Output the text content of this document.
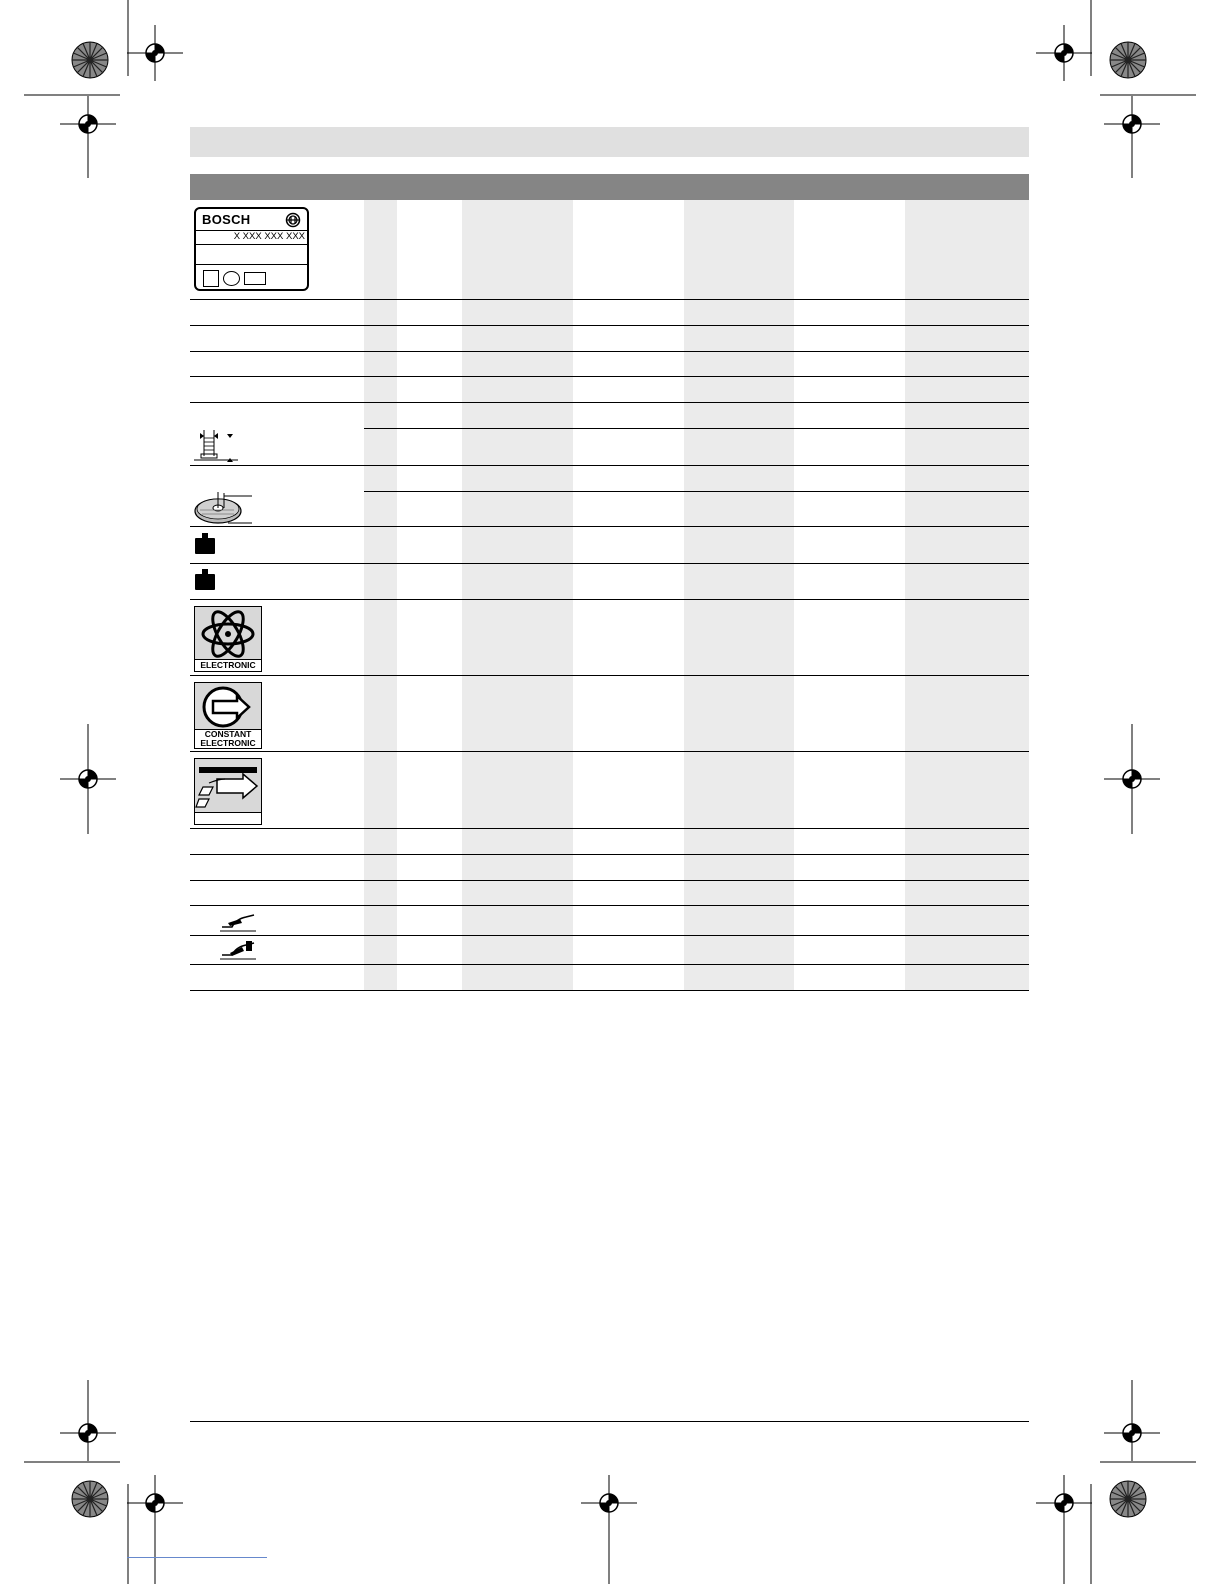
BOSCH
X XXX XXX XXX
ELECTRONIC
CONSTANT
ELECTRONIC
